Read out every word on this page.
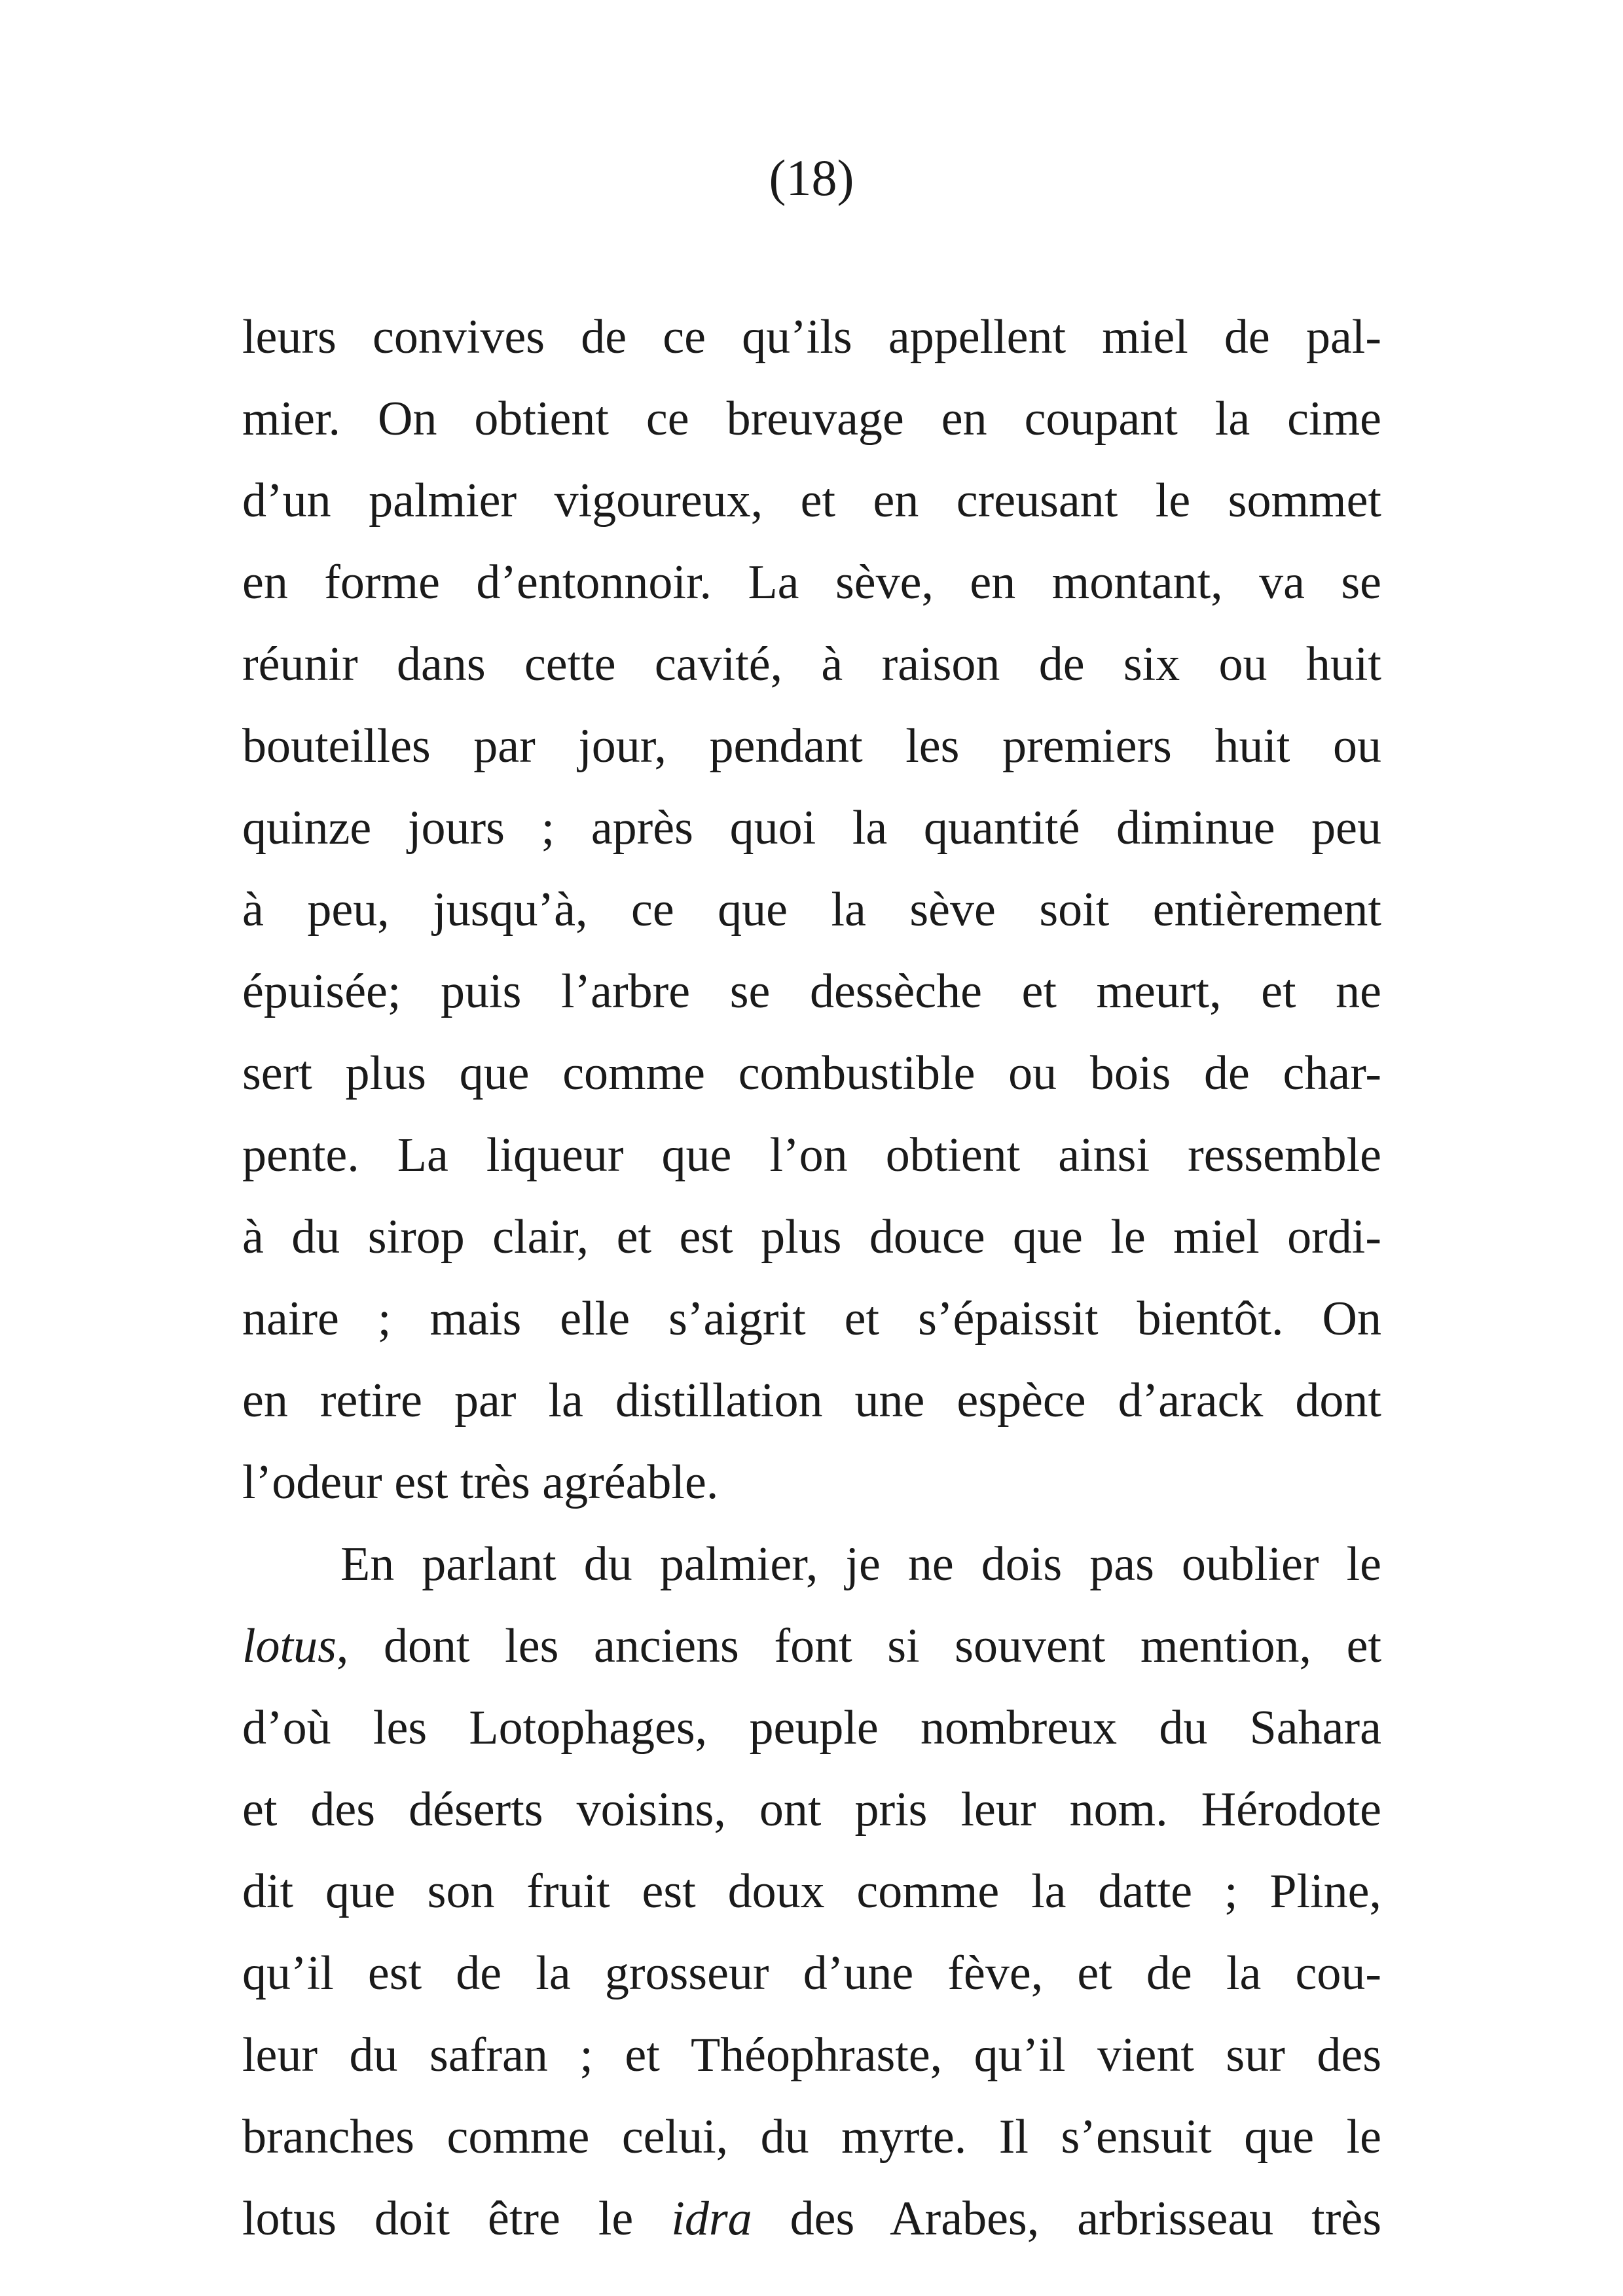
(18)
leurs convives de ce qu’ils appellent miel de pal-
mier. On obtient ce breuvage en coupant la cime
d’un palmier vigoureux, et en creusant le sommet
en forme d’entonnoir. La sève, en montant, va se
réunir dans cette cavité, à raison de six ou huit
bouteilles par jour, pendant les premiers huit ou
quinze jours ; après quoi la quantité diminue peu
à peu, jusqu’à, ce que la sève soit entièrement
épuisée; puis l’arbre se dessèche et meurt, et ne
sert plus que comme combustible ou bois de char-
pente. La liqueur que l’on obtient ainsi ressemble
à du sirop clair, et est plus douce que le miel ordi-
naire ; mais elle s’aigrit et s’épaissit bientôt. On
en retire par la distillation une espèce d’arack dont
l’odeur est très agréable.
En parlant du palmier, je ne dois pas oublier le
lotus, dont les anciens font si souvent mention, et
d’où les Lotophages, peuple nombreux du Sahara
et des déserts voisins, ont pris leur nom. Hérodote
dit que son fruit est doux comme la datte ; Pline,
qu’il est de la grosseur d’une fève, et de la cou-
leur du safran ; et Théophraste, qu’il vient sur des
branches comme celui, du myrte. Il s’ensuit que le
lotus doit être le idra des Arabes, arbrisseau très
